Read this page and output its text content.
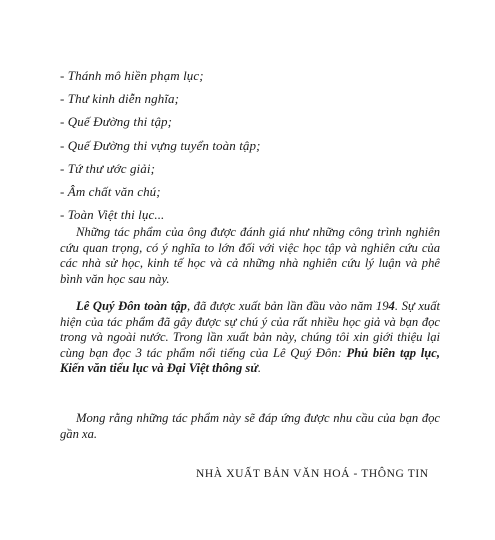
- Thánh mô hiền phạm lục;
- Thư kinh diễn nghĩa;
- Quế Đường thi tập;
- Quế Đường thi vựng tuyển toàn tập;
- Tứ thư ước giải;
- Âm chất văn chú;
- Toàn Việt thi lục...

Những tác phẩm của ông được đánh giá như những công trình nghiên cứu quan trọng, có ý nghĩa to lớn đối với việc học tập và nghiên cứu của các nhà sử học, kinh tế học và cả những nhà nghiên cứu lý luận và phê bình văn học sau này.

Lê Quý Đôn toàn tập, đã được xuất bản lần đầu vào năm 194. Sự xuất hiện của tác phẩm đã gây được sự chú ý của rất nhiều học giả và bạn đọc trong và ngoài nước. Trong lần xuất bản này, chúng tôi xin giới thiệu lại cùng bạn đọc 3 tác phẩm nổi tiếng của Lê Quý Đôn: Phủ biên tạp lục, Kiến văn tiểu lục và Đại Việt thông sử.

Mong rằng những tác phẩm này sẽ đáp ứng được nhu cầu của bạn đọc gần xa.

NHÀ XUẤT BẢN VĂN HOÁ - THÔNG TIN
